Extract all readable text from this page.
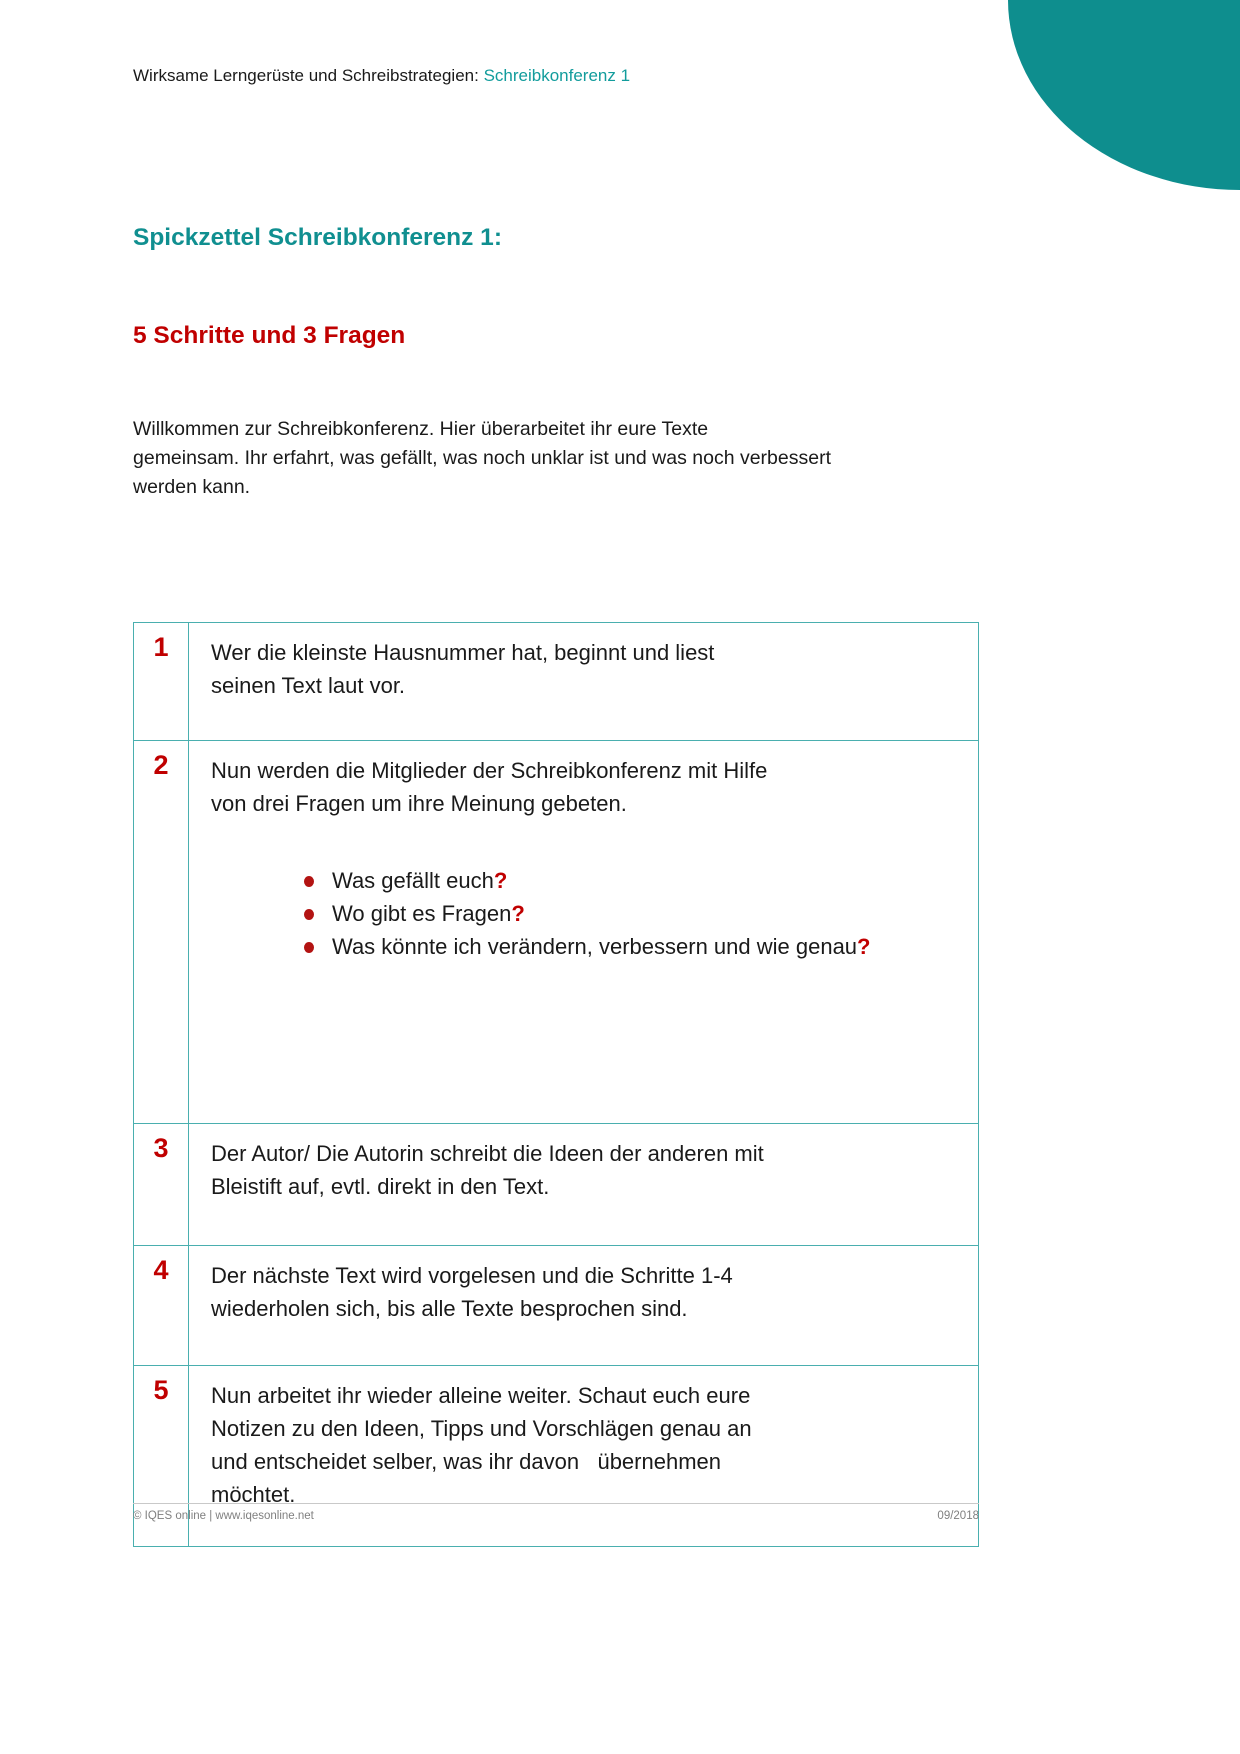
Wirksame Lerngerüste und Schreibstrategien: Schreibkonferenz 1
Spickzettel Schreibkonferenz 1:
5 Schritte und 3 Fragen
Willkommen zur Schreibkonferenz. Hier überarbeitet ihr eure Texte
gemeinsam. Ihr erfahrt, was gefällt, was noch unklar ist und was noch verbessert
werden kann.
1	Wer die kleinste Hausnummer hat, beginnt und liest
seinen Text laut vor.
2	Nun werden die Mitglieder der Schreibkonferenz mit Hilfe
von drei Fragen um ihre Meinung gebeten.
Was gefällt euch?
Wo gibt es Fragen?
Was könnte ich verändern, verbessern und wie genau?
3	Der Autor/ Die Autorin schreibt die Ideen der anderen mit
Bleistift auf, evtl. direkt in den Text.
4	Der nächste Text wird vorgelesen und die Schritte 1-4
wiederholen sich, bis alle Texte besprochen sind.
5	Nun arbeitet ihr wieder alleine weiter. Schaut euch eure
Notizen zu den Ideen, Tipps und Vorschlägen genau an
und entscheidet selber, was ihr davon   übernehmen
möchtet.
© IQES online | www.iqesonline.net	09/2018
